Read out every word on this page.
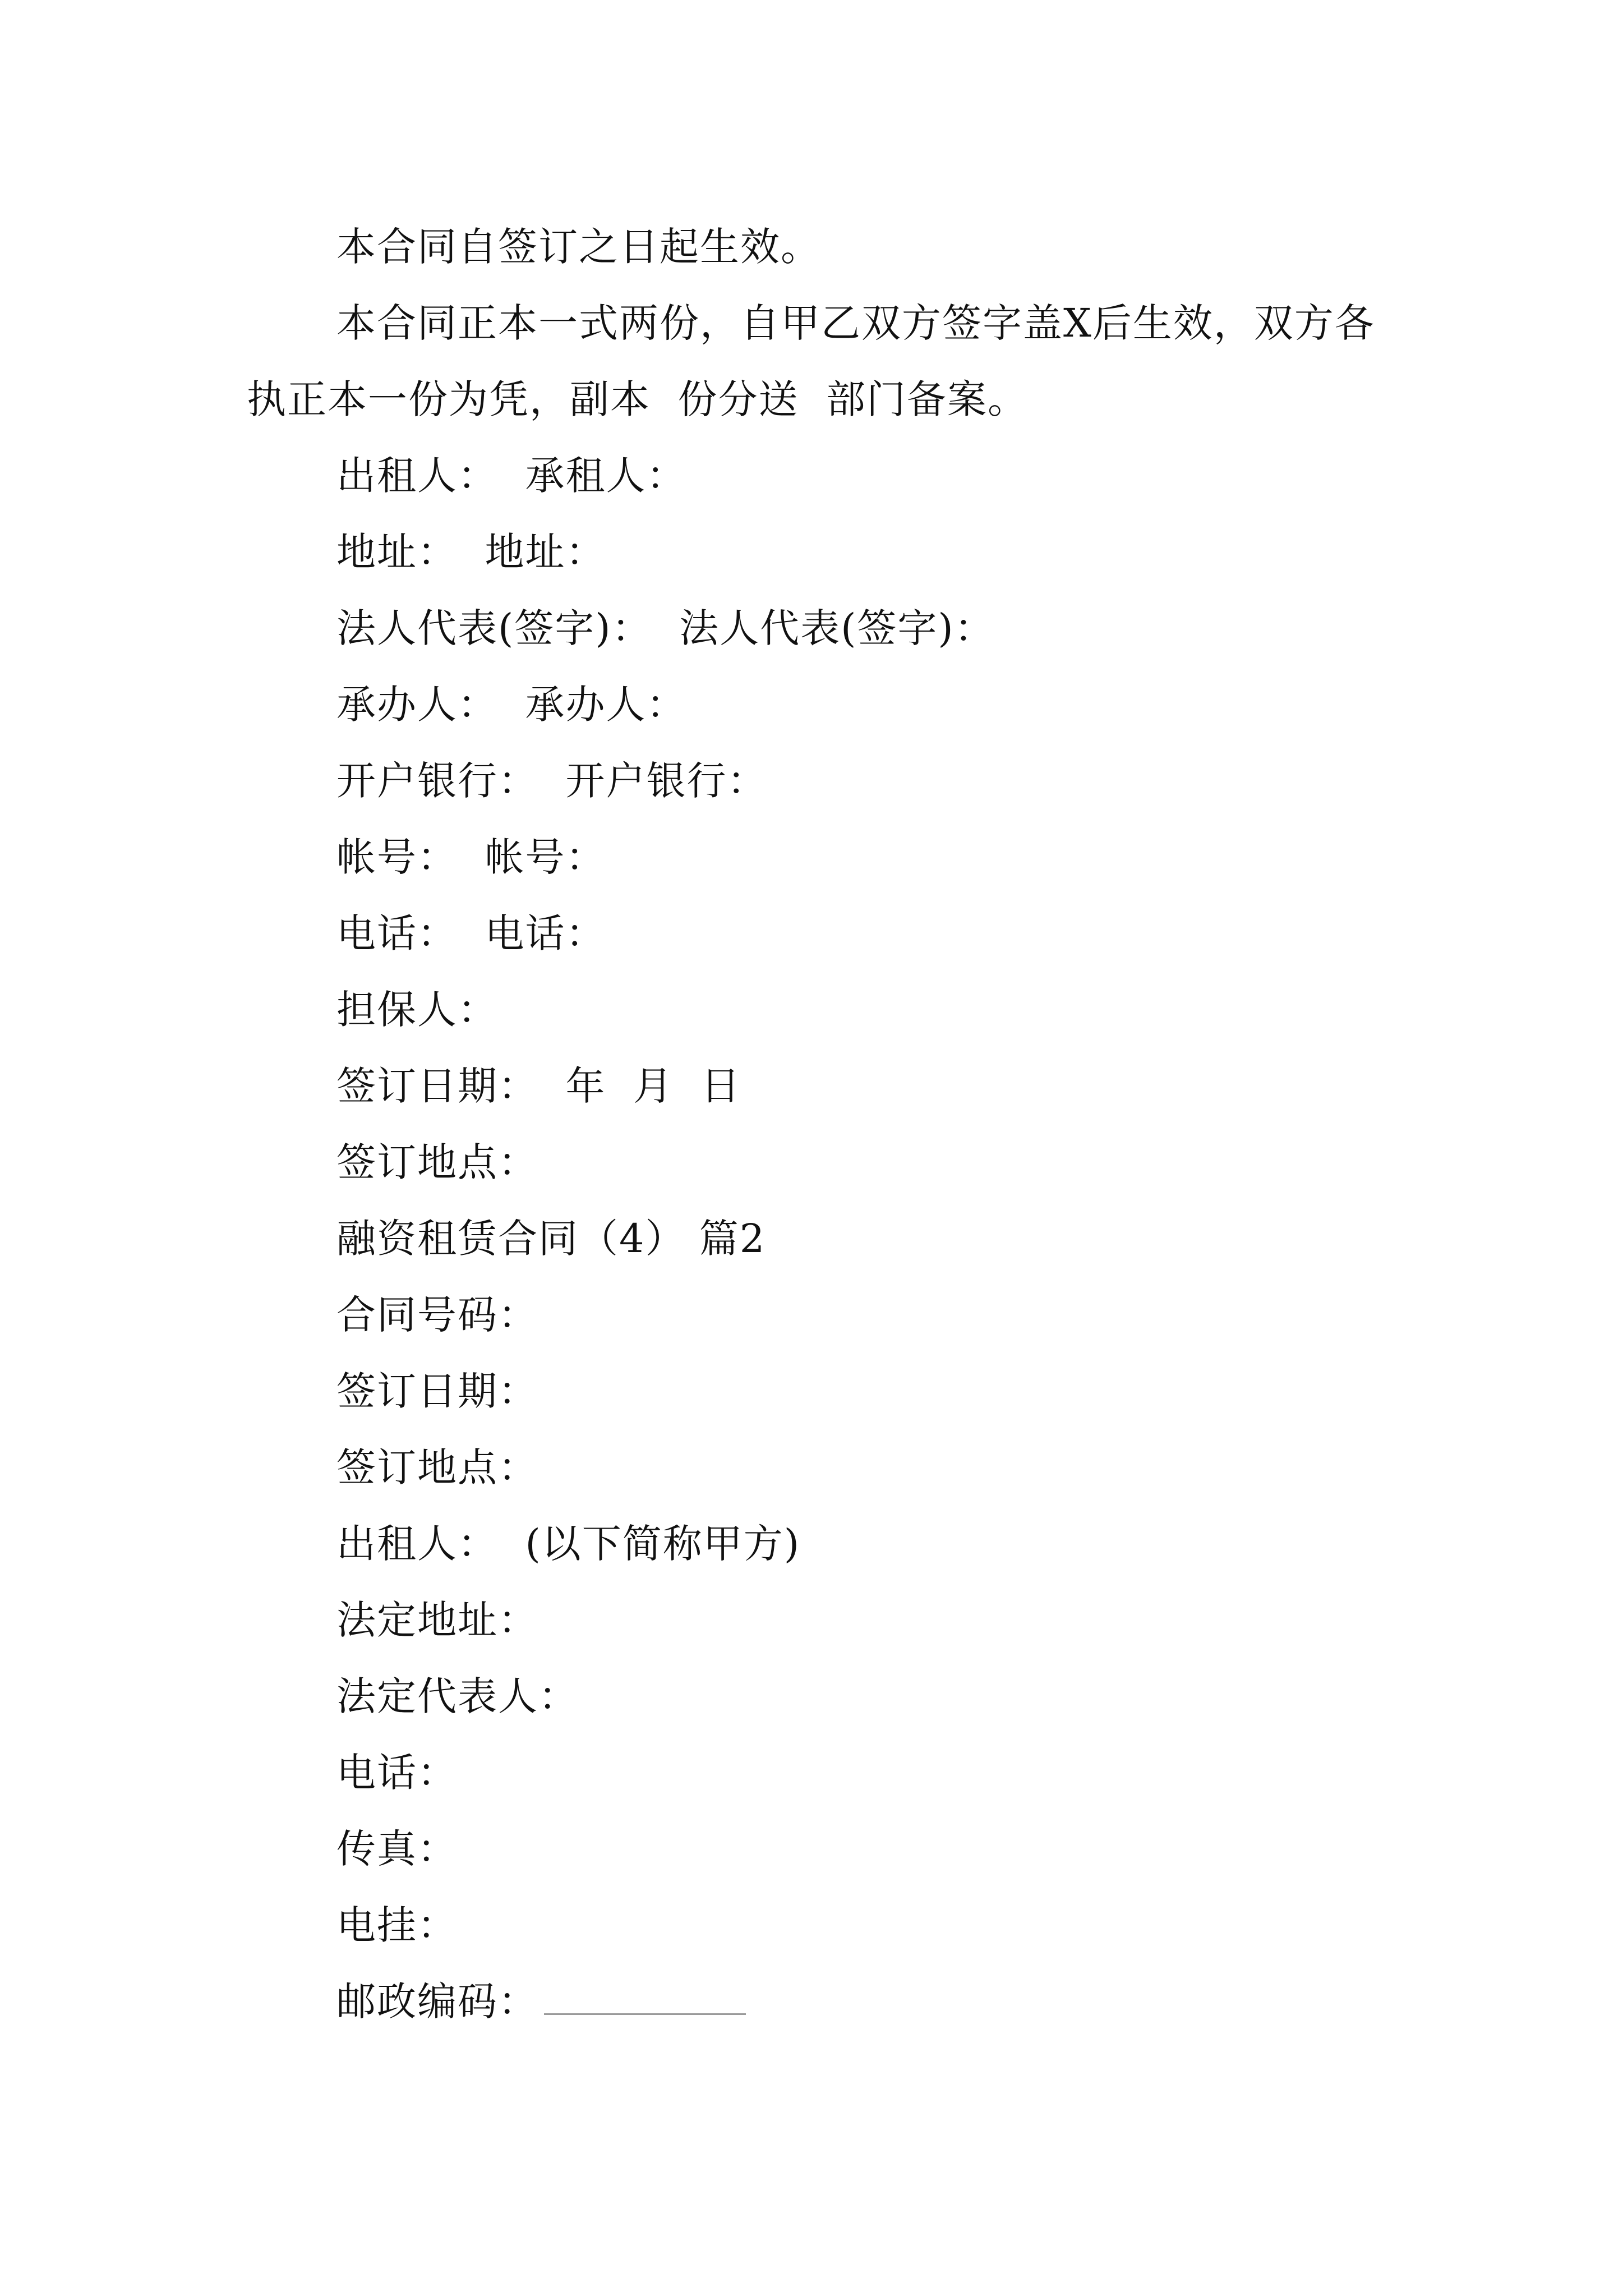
本合同自签订之日起生效。

本合同正本一式两份，自甲乙双方签字盖X后生效，双方各执正本一份为凭，副本  份分送  部门备案。

出租人：  承租人：

地址：  地址：

法人代表(签字)：  法人代表(签字)：

承办人：  承办人：

开户银行：  开户银行：

帐号：  帐号：

电话：  电话：

担保人：

签订日期：  年  月  日

签订地点：

融资租赁合同（4） 篇2

合同号码：

签订日期：

签订地点：

出租人：  (以下简称甲方)

法定地址：

法定代表人：

电话：

传真：

电挂：

邮政编码：
